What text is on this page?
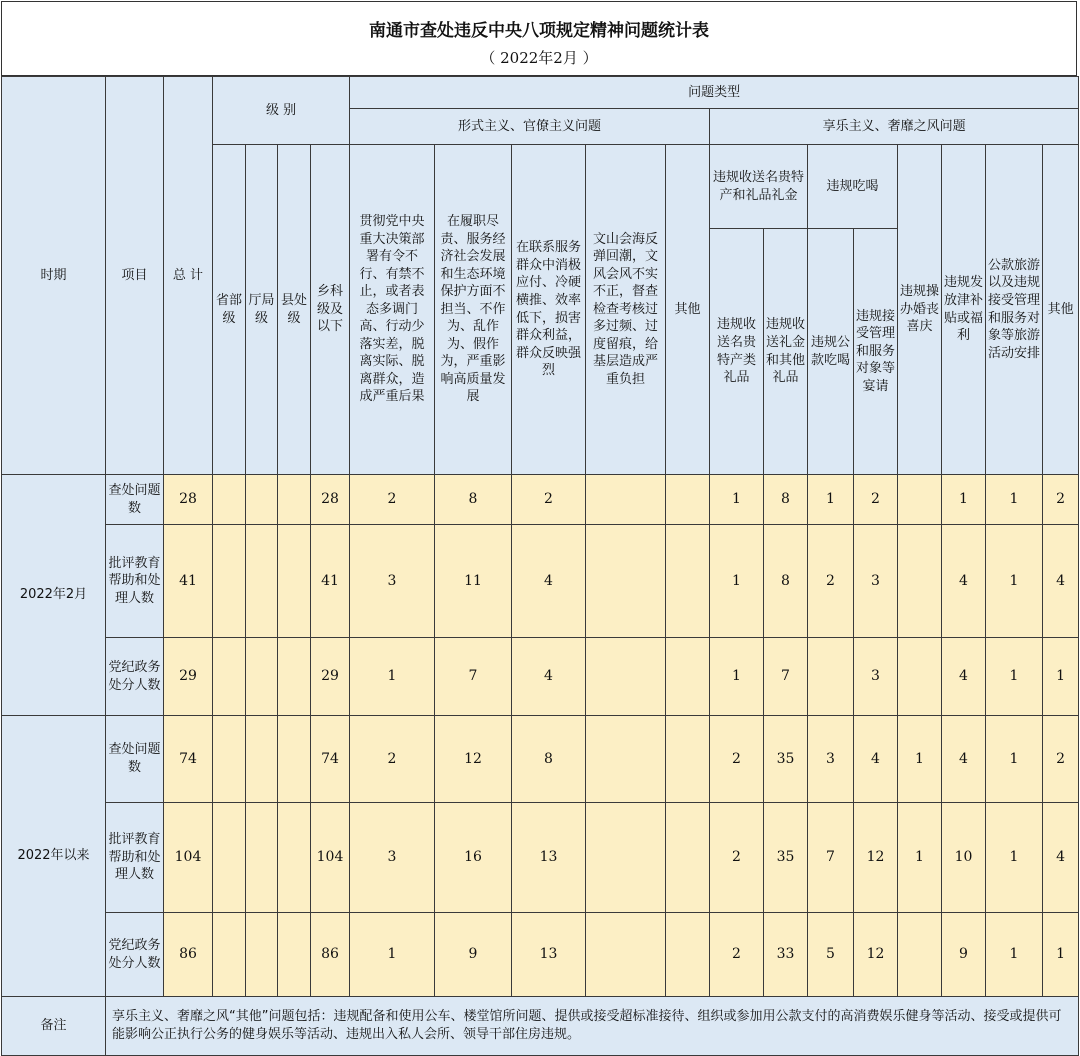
南通市查处违反中央八项规定精神问题统计表
（ 2022年2月 ）
时期	项目	总 计	级 别				问题类型												
							形式主义、官僚主义问题					享乐主义、奢靡之风问题							
			省部级	厅局级	县处级	乡科级及以下	贯彻党中央重大决策部署有令不行、有禁不止，或者表态多调门高、行动少落实差，脱离实际、脱离群众，造成严重后果	在履职尽责、服务经济社会发展和生态环境保护方面不担当、不作为、乱作为、假作为，严重影响高质量发展	在联系服务群众中消极应付、冷硬横推、效率低下，损害群众利益，群众反映强烈	文山会海反弹回潮，文风会风不实不正，督查检查考核过多过频、过度留痕，给基层造成严重负担	其他	违规收送名贵特产和礼品礼金		违规吃喝		违规操办婚丧喜庆	违规发放津补贴或福利	公款旅游以及违规接受管理和服务对象等旅游活动安排	其他
												违规收送名贵特产类礼品	违规收送礼金和其他礼品	违规公款吃喝	违规接受管理和服务对象等宴请				
2022年2月	查处问题数	28				28	2	8	2			1	8	1	2		1	1	2
	批评教育帮助和处理人数	41				41	3	11	4			1	8	2	3		4	1	4
	党纪政务处分人数	29				29	1	7	4			1	7		3		4	1	1
2022年以来	查处问题数	74				74	2	12	8			2	35	3	4	1	4	1	2
	批评教育帮助和处理人数	104				104	3	16	13			2	35	7	12	1	10	1	4
	党纪政务处分人数	86				86	1	9	13			2	33	5	12		9	1	1
备注	享乐主义、奢靡之风“其他”问题包括：违规配备和使用公车、楼堂馆所问题、提供或接受超标准接待、组织或参加用公款支付的高消费娱乐健身等活动、接受或提供可能影响公正执行公务的健身娱乐等活动、违规出入私人会所、领导干部住房违规。																		
